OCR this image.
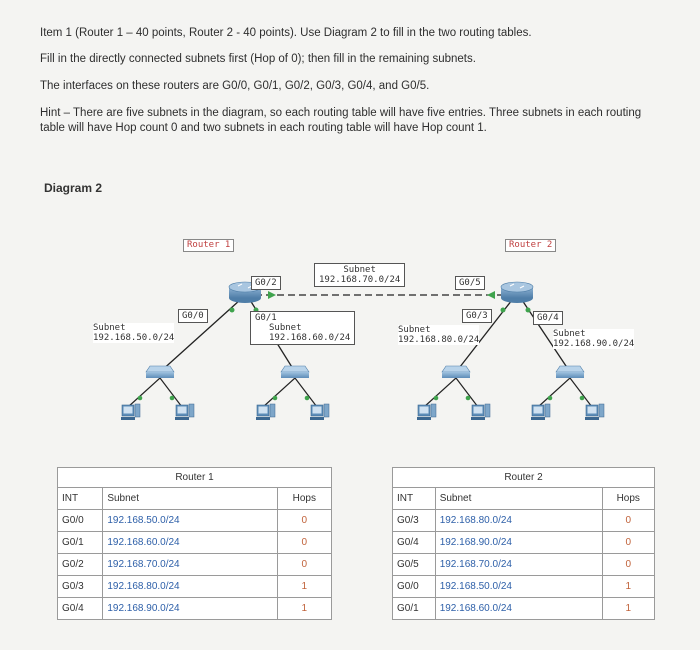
Item 1 (Router 1 – 40 points, Router 2 - 40 points). Use Diagram 2 to fill in the two routing tables.
Fill in the directly connected subnets first (Hop of 0); then fill in the remaining subnets.
The interfaces on these routers are G0/0, G0/1, G0/2, G0/3, G0/4, and G0/5.
Hint – There are five subnets in the diagram, so each routing table will have five entries. Three subnets in each routing table will have Hop count 0 and two subnets in each routing table will have Hop count 1.
Diagram 2
Router 1	Router 2
G0/0
G0/2	G0/5
G0/3	G0/4
Subnet
192.168.70.0/24
Subnet
192.168.50.0/24
G0/1
Subnet
192.168.60.0/24
Subnet
192.168.80.0/24
Subnet
192.168.90.0/24
Router 1		
INT	Subnet	Hops
G0/0	192.168.50.0/24	0
G0/1	192.168.60.0/24	0
G0/2	192.168.70.0/24	0
G0/3	192.168.80.0/24	1
G0/4	192.168.90.0/24	1
Router 2		
INT	Subnet	Hops
G0/3	192.168.80.0/24	0
G0/4	192.168.90.0/24	0
G0/5	192.168.70.0/24	0
G0/0	192.168.50.0/24	1
G0/1	192.168.60.0/24	1
